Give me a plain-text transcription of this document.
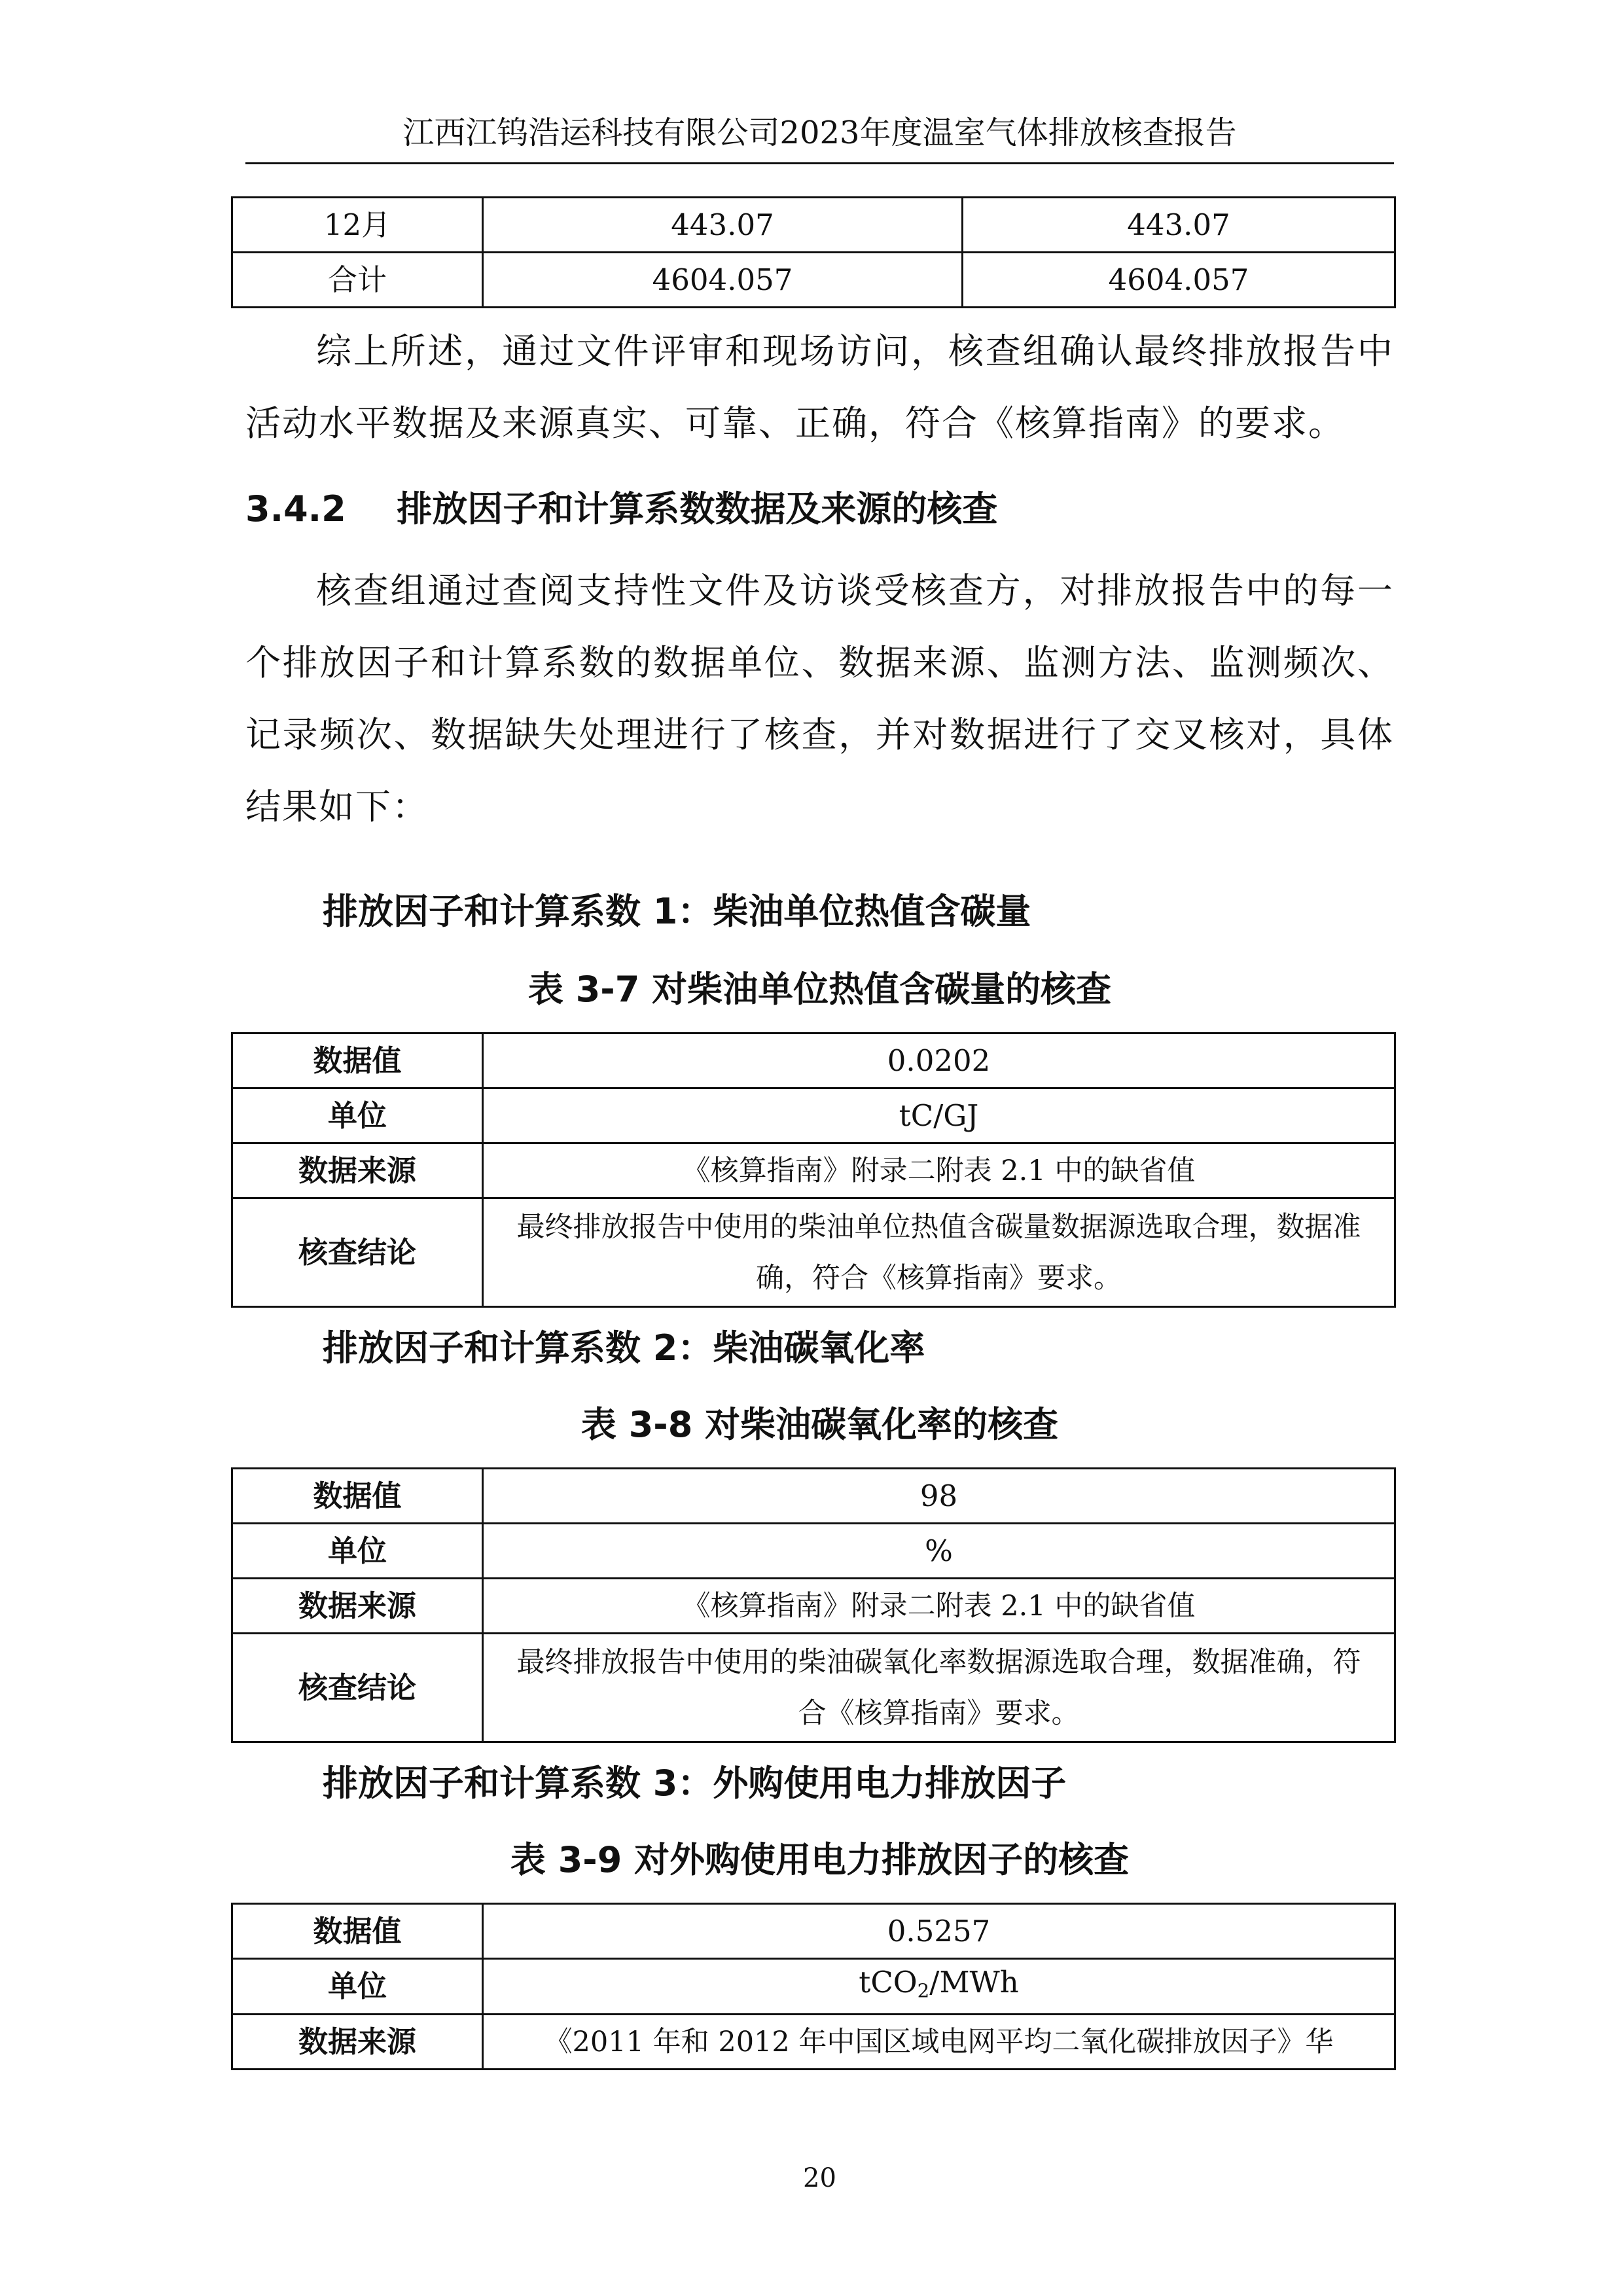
江西江钨浩运科技有限公司2023年度温室气体排放核查报告
12月	443.07	443.07
合计	4604.057	4604.057
综上所述，通过文件评审和现场访问，核查组确认最终排放报告中活动水平数据及来源真实、可靠、正确，符合《核算指南》的要求。
3.4.2 排放因子和计算系数数据及来源的核查
核查组通过查阅支持性文件及访谈受核查方，对排放报告中的每一个排放因子和计算系数的数据单位、数据来源、监测方法、监测频次、记录频次、数据缺失处理进行了核查，并对数据进行了交叉核对，具体结果如下：
排放因子和计算系数 1：柴油单位热值含碳量
表 3-7 对柴油单位热值含碳量的核查
数据值	0.0202
单位	tC/GJ
数据来源	《核算指南》附录二附表 2.1 中的缺省值
核查结论	最终排放报告中使用的柴油单位热值含碳量数据源选取合理，数据准确，符合《核算指南》要求。
排放因子和计算系数 2：柴油碳氧化率
表 3-8 对柴油碳氧化率的核查
数据值	98
单位	%
数据来源	《核算指南》附录二附表 2.1 中的缺省值
核查结论	最终排放报告中使用的柴油碳氧化率数据源选取合理，数据准确，符合《核算指南》要求。
排放因子和计算系数 3：外购使用电力排放因子
表 3-9 对外购使用电力排放因子的核查
数据值	0.5257
单位	tCO$_2$/MWh
数据来源	《2011 年和 2012 年中国区域电网平均二氧化碳排放因子》华
20
